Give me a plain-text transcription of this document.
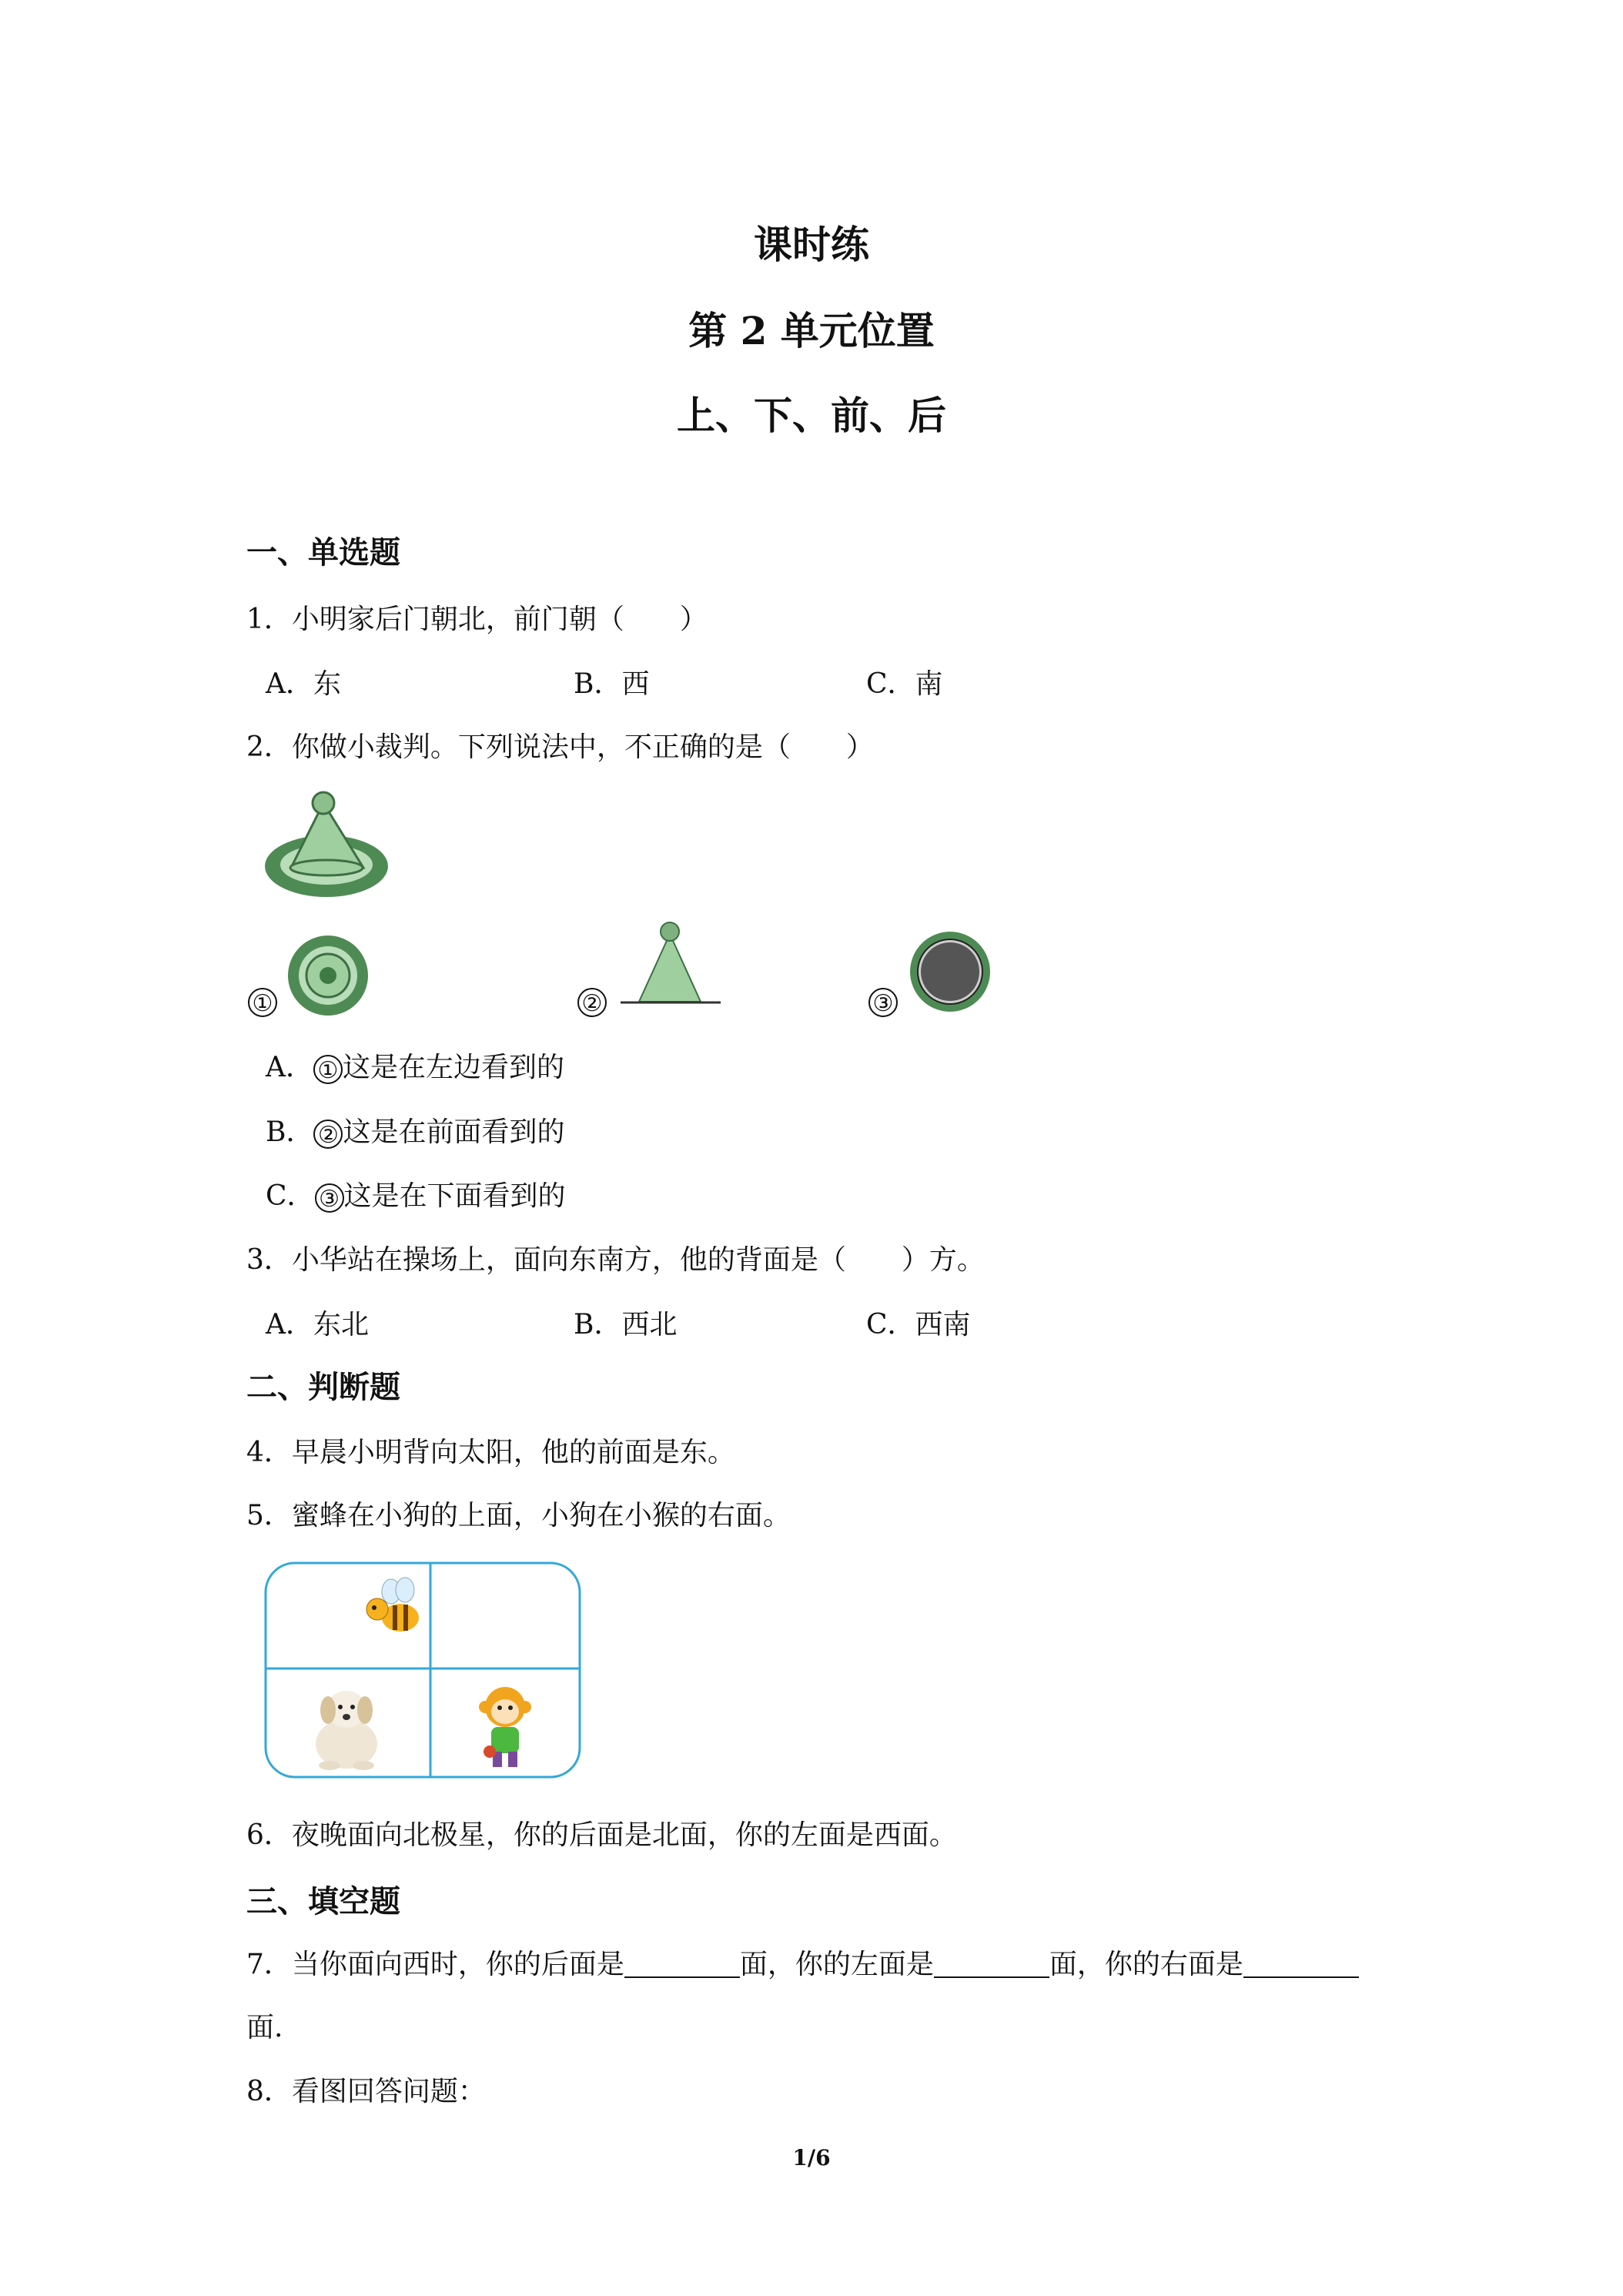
课时练
第 2 单元位置
上、下、前、后
一、单选题
1．小明家后门朝北，前门朝（　　）
A．东	B．西	C．南
2．你做小裁判。下列说法中，不正确的是（　　）
①	②	③
A． ① 这是在左边看到的
B． ② 这是在前面看到的
C． ③ 这是在下面看到的
3．小华站在操场上，面向东南方，他的背面是（　　）方。
A．东北	B．西北	C．西南
二、判断题
4．早晨小明背向太阳，他的前面是东。
5．蜜蜂在小狗的上面，小狗在小猴的右面。
6．夜晚面向北极星，你的后面是北面，你的左面是西面。
三、填空题
7．当你面向西时，你的后面是	面，你的左面是	面，你的右面是
面.
8．看图回答问题：
1/6
